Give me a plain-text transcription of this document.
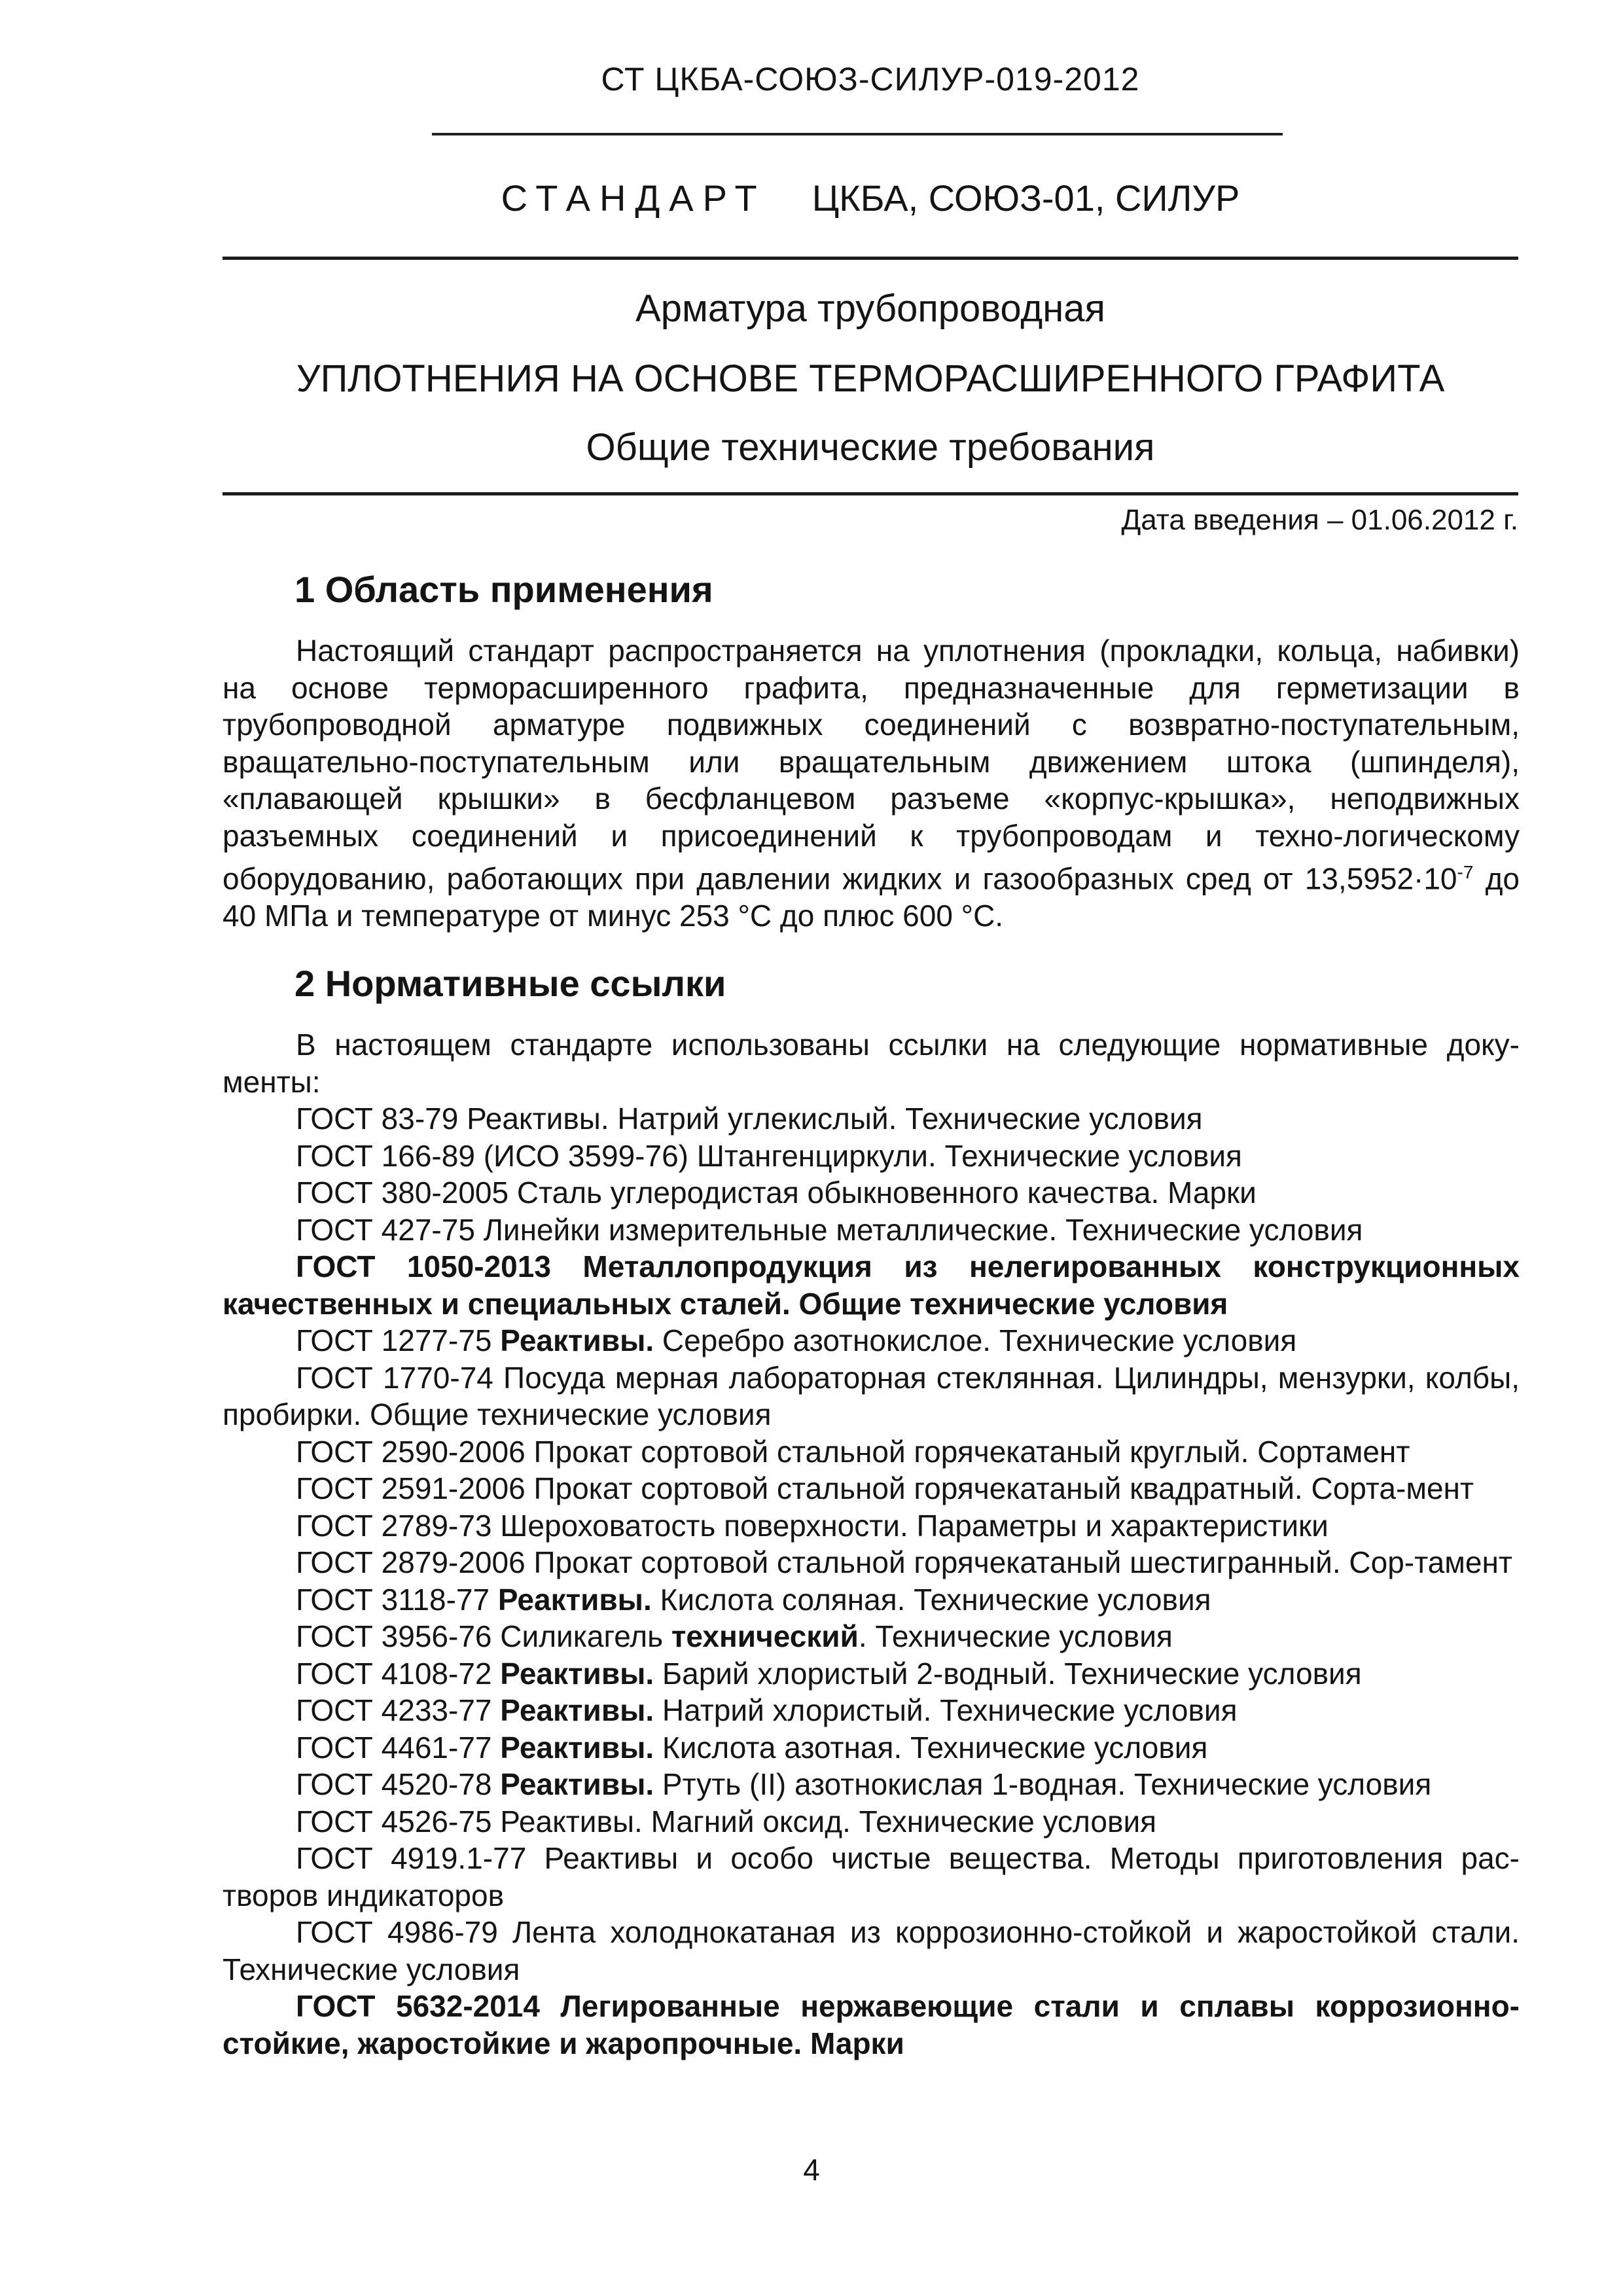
СТ ЦКБА-СОЮЗ-СИЛУР-019-2012
СТАНДАРТ ЦКБА, СОЮЗ-01, СИЛУР
Арматура трубопроводная
УПЛОТНЕНИЯ НА ОСНОВЕ ТЕРМОРАСШИРЕННОГО ГРАФИТА
Общие технические требования
Дата введения – 01.06.2012 г.
1 Область применения
Настоящий стандарт распространяется на уплотнения (прокладки, кольца, набивки) на основе терморасширенного графита, предназначенные для герметизации в трубопроводной арматуре подвижных соединений с возвратно-поступательным, вращательно-поступательным или вращательным движением штока (шпинделя), «плавающей крышки» в бесфланцевом разъеме «корпус-крышка», неподвижных разъемных соединений и присоединений к трубопроводам и техно-логическому оборудованию, работающих при давлении жидких и газообразных сред от $13,5952\cdot 10^{-7}$ до 40 МПа и температуре от минус 253 °С до плюс 600 °С.
2 Нормативные ссылки

В настоящем стандарте использованы ссылки на следующие нормативные доку-менты:

ГОСТ 83-79 Реактивы. Натрий углекислый. Технические условия

ГОСТ 166-89 (ИСО 3599-76) Штангенциркули. Технические условия

ГОСТ 380-2005 Сталь углеродистая обыкновенного качества. Марки

ГОСТ 427-75 Линейки измерительные металлические. Технические условия

ГОСТ 1050-2013 Металлопродукция из нелегированных конструкционных качественных и специальных сталей. Общие технические условия

ГОСТ 1277-75 Реактивы. Серебро азотнокислое. Технические условия

ГОСТ 1770-74 Посуда мерная лабораторная стеклянная. Цилиндры, мензурки, колбы, пробирки. Общие технические условия

ГОСТ 2590-2006 Прокат сортовой стальной горячекатаный круглый. Сортамент

ГОСТ 2591-2006 Прокат сортовой стальной горячекатаный квадратный. Сорта-мент

ГОСТ 2789-73 Шероховатость поверхности. Параметры и характеристики

ГОСТ 2879-2006 Прокат сортовой стальной горячекатаный шестигранный. Сор-тамент

ГОСТ 3118-77 Реактивы. Кислота соляная. Технические условия

ГОСТ 3956-76 Силикагель технический. Технические условия

ГОСТ 4108-72 Реактивы. Барий хлористый 2-водный. Технические условия

ГОСТ 4233-77 Реактивы. Натрий хлористый. Технические условия

ГОСТ 4461-77 Реактивы. Кислота азотная. Технические условия

ГОСТ 4520-78 Реактивы. Ртуть (II) азотнокислая 1-водная. Технические условия

ГОСТ 4526-75 Реактивы. Магний оксид. Технические условия

ГОСТ 4919.1-77 Реактивы и особо чистые вещества. Методы приготовления рас-творов индикаторов

ГОСТ 4986-79 Лента холоднокатаная из коррозионно-стойкой и жаростойкой стали. Технические условия

ГОСТ 5632-2014 Легированные нержавеющие стали и сплавы коррозионно-стойкие, жаростойкие и жаропрочные. Марки

4
